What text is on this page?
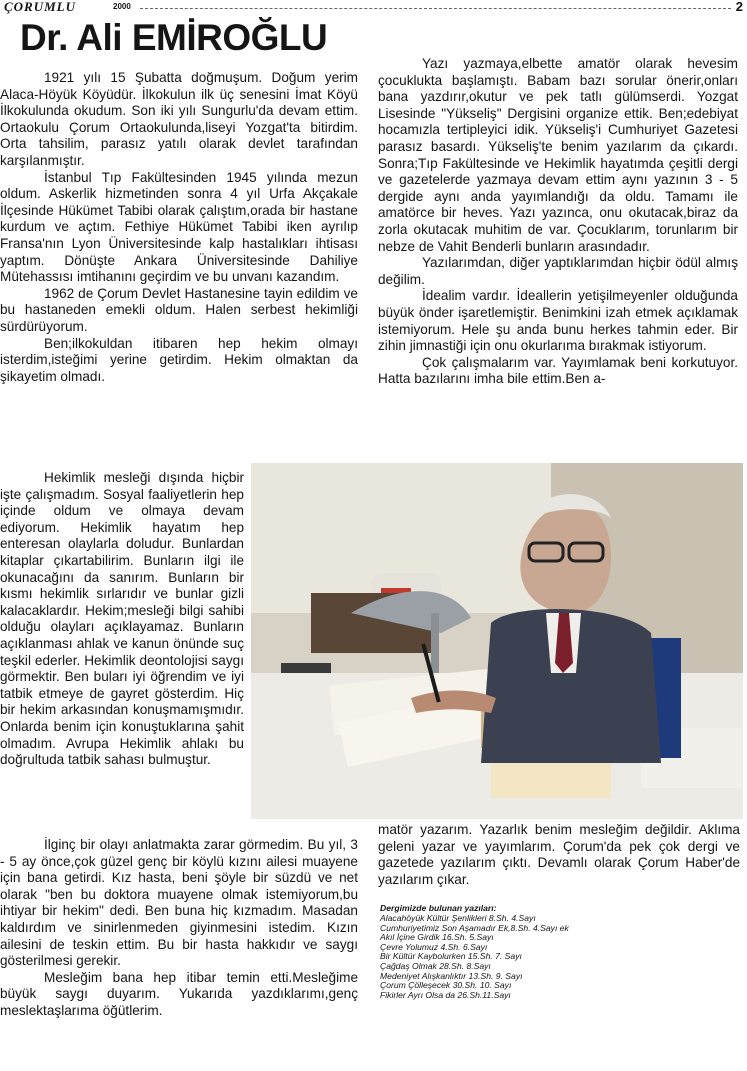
ÇORUMLU	2000	2
Dr. Ali EMİROĞLU

1921 yılı 15 Şubatta doğmuşum. Doğum yerim Alaca-Höyük Köyüdür. İlkokulun ilk üç senesini İmat Köyü İlkokulunda okudum. Son iki yılı Sungurlu'da devam ettim. Ortaokulu Çorum Ortaokulunda,liseyi Yozgat'ta bitirdim. Orta tahsilim, parasız yatılı olarak devlet tarafından karşılanmıştır.

İstanbul Tıp Fakültesinden 1945 yılında mezun oldum. Askerlik hizmetinden sonra 4 yıl Urfa Akçakale İlçesinde Hükümet Tabibi olarak çalıştım,orada bir hastane kurdum ve açtım. Fethiye Hükümet Tabibi iken ayrılıp Fransa'nın Lyon Üniversitesinde kalp hastalıkları ihtisası yaptım. Dönüşte Ankara Üniversitesinde Dahiliye Mütehassısı imtihanını geçirdim ve bu unvanı kazandım.

1962 de Çorum Devlet Hastanesine tayin edildim ve bu hastaneden emekli oldum. Halen serbest hekimliği sürdürüyorum.

Ben;ilkokuldan itibaren hep hekim olmayı isterdim,isteğimi yerine getirdim. Hekim olmaktan da şikayetim olmadı.

Hekimlik mesleği dışında hiçbir işte çalışmadım. Sosyal faaliyetlerin hep içinde oldum ve olmaya devam ediyorum. Hekimlik hayatım hep enteresan olaylarla doludur. Bunlardan kitaplar çıkartabilirim. Bunların ilgi ile okunacağını da sanırım. Bunların bir kısmı hekimlik sırlarıdır ve bunlar gizli kalacaklardır. Hekim;mesleği bilgi sahibi olduğu olayları açıklayamaz. Bunların açıklanması ahlak ve kanun önünde suç teşkil ederler. Hekimlik deontolojisi saygı görmektir. Ben buları iyi öğrendim ve iyi tatbik etmeye de gayret gösterdim. Hiç bir hekim arkasından konuşmamışmıdır. Onlarda benim için konuştuklarına şahit olmadım. Avrupa Hekimlik ahlakı bu doğrultuda tatbik sahası bulmuştur.

İlginç bir olayı anlatmakta zarar görmedim. Bu yıl, 3 - 5 ay önce,çok güzel genç bir köylü kızını ailesi muayene için bana getirdi. Kız hasta, beni şöyle bir süzdü ve net olarak "ben bu doktora muayene olmak istemiyorum,bu ihtiyar bir hekim" dedi. Ben buna hiç kızmadım. Masadan kaldırdım ve sinirlenmeden giyinmesini istedim. Kızın ailesini de teskin ettim. Bu bir hasta hakkıdır ve saygı gösterilmesi gerekir.

Mesleğim bana hep itibar temin etti.Mesleğime büyük saygı duyarım. Yukarıda yazdıklarımı,genç meslektaşlarıma öğütlerim.

Yazı yazmaya,elbette amatör olarak hevesim çocuklukta başlamıştı. Babam bazı sorular önerir,onları bana yazdırır,okutur ve pek tatlı gülümserdi. Yozgat Lisesinde "Yükseliş" Dergisini organize ettik. Ben;edebiyat hocamızla tertipleyici idik. Yükseliş'i Cumhuriyet Gazetesi parasız basardı. Yükseliş'te benim yazılarım da çıkardı. Sonra;Tıp Fakültesinde ve Hekimlik hayatımda çeşitli dergi ve gazetelerde yazmaya devam ettim aynı yazının 3 - 5 dergide aynı anda yayımlandığı da oldu. Tamamı ile amatörce bir heves. Yazı yazınca, onu okutacak,biraz da zorla okutacak muhitim de var. Çocuklarım, torunlarım bir nebze de Vahit Benderli bunların arasındadır.

Yazılarımdan, diğer yaptıklarımdan hiçbir ödül almış değilim.

İdealim vardır. İdeallerin yetişilmeyenler olduğunda büyük önder işaretlemiştir. Benimkini izah etmek açıklamak istemiyorum. Hele şu anda bunu herkes tahmin eder. Bir zihin jimnastiği için onu okurlarıma bırakmak istiyorum.

Çok çalışmalarım var. Yayımlamak beni korkutuyor. Hatta bazılarını imha bile ettim.Ben a-

matör yazarım. Yazarlık benim mesleğim değildir. Aklıma geleni yazar ve yayımlarım. Çorum'da pek çok dergi ve gazetede yazılarım çıktı. Devamlı olarak Çorum Haber'de yazılarım çıkar.

Dergimizde bulunan yazıları:
Alacahöyük Kültür Şenlikleri 8.Sh. 4.Sayı
Cumhuriyetimiz Son Aşamadır Ek,8.Sh. 4.Sayı ek
Akıl İçine Girdik 16.Sh. 5.Sayı
Çevre Yolumuz 4.Sh. 6.Sayı
Bir Kültür Kaybolurken 15.Sh. 7. Sayı
Çağdaş Olmak 28.Sh. 8.Sayı
Medeniyet Alışkanlıktır 13.Sh. 9. Sayı
Çorum Çölleşecek 30.Sh. 10. Sayı
Fikirler Ayrı Olsa da 26.Sh.11.Sayı
